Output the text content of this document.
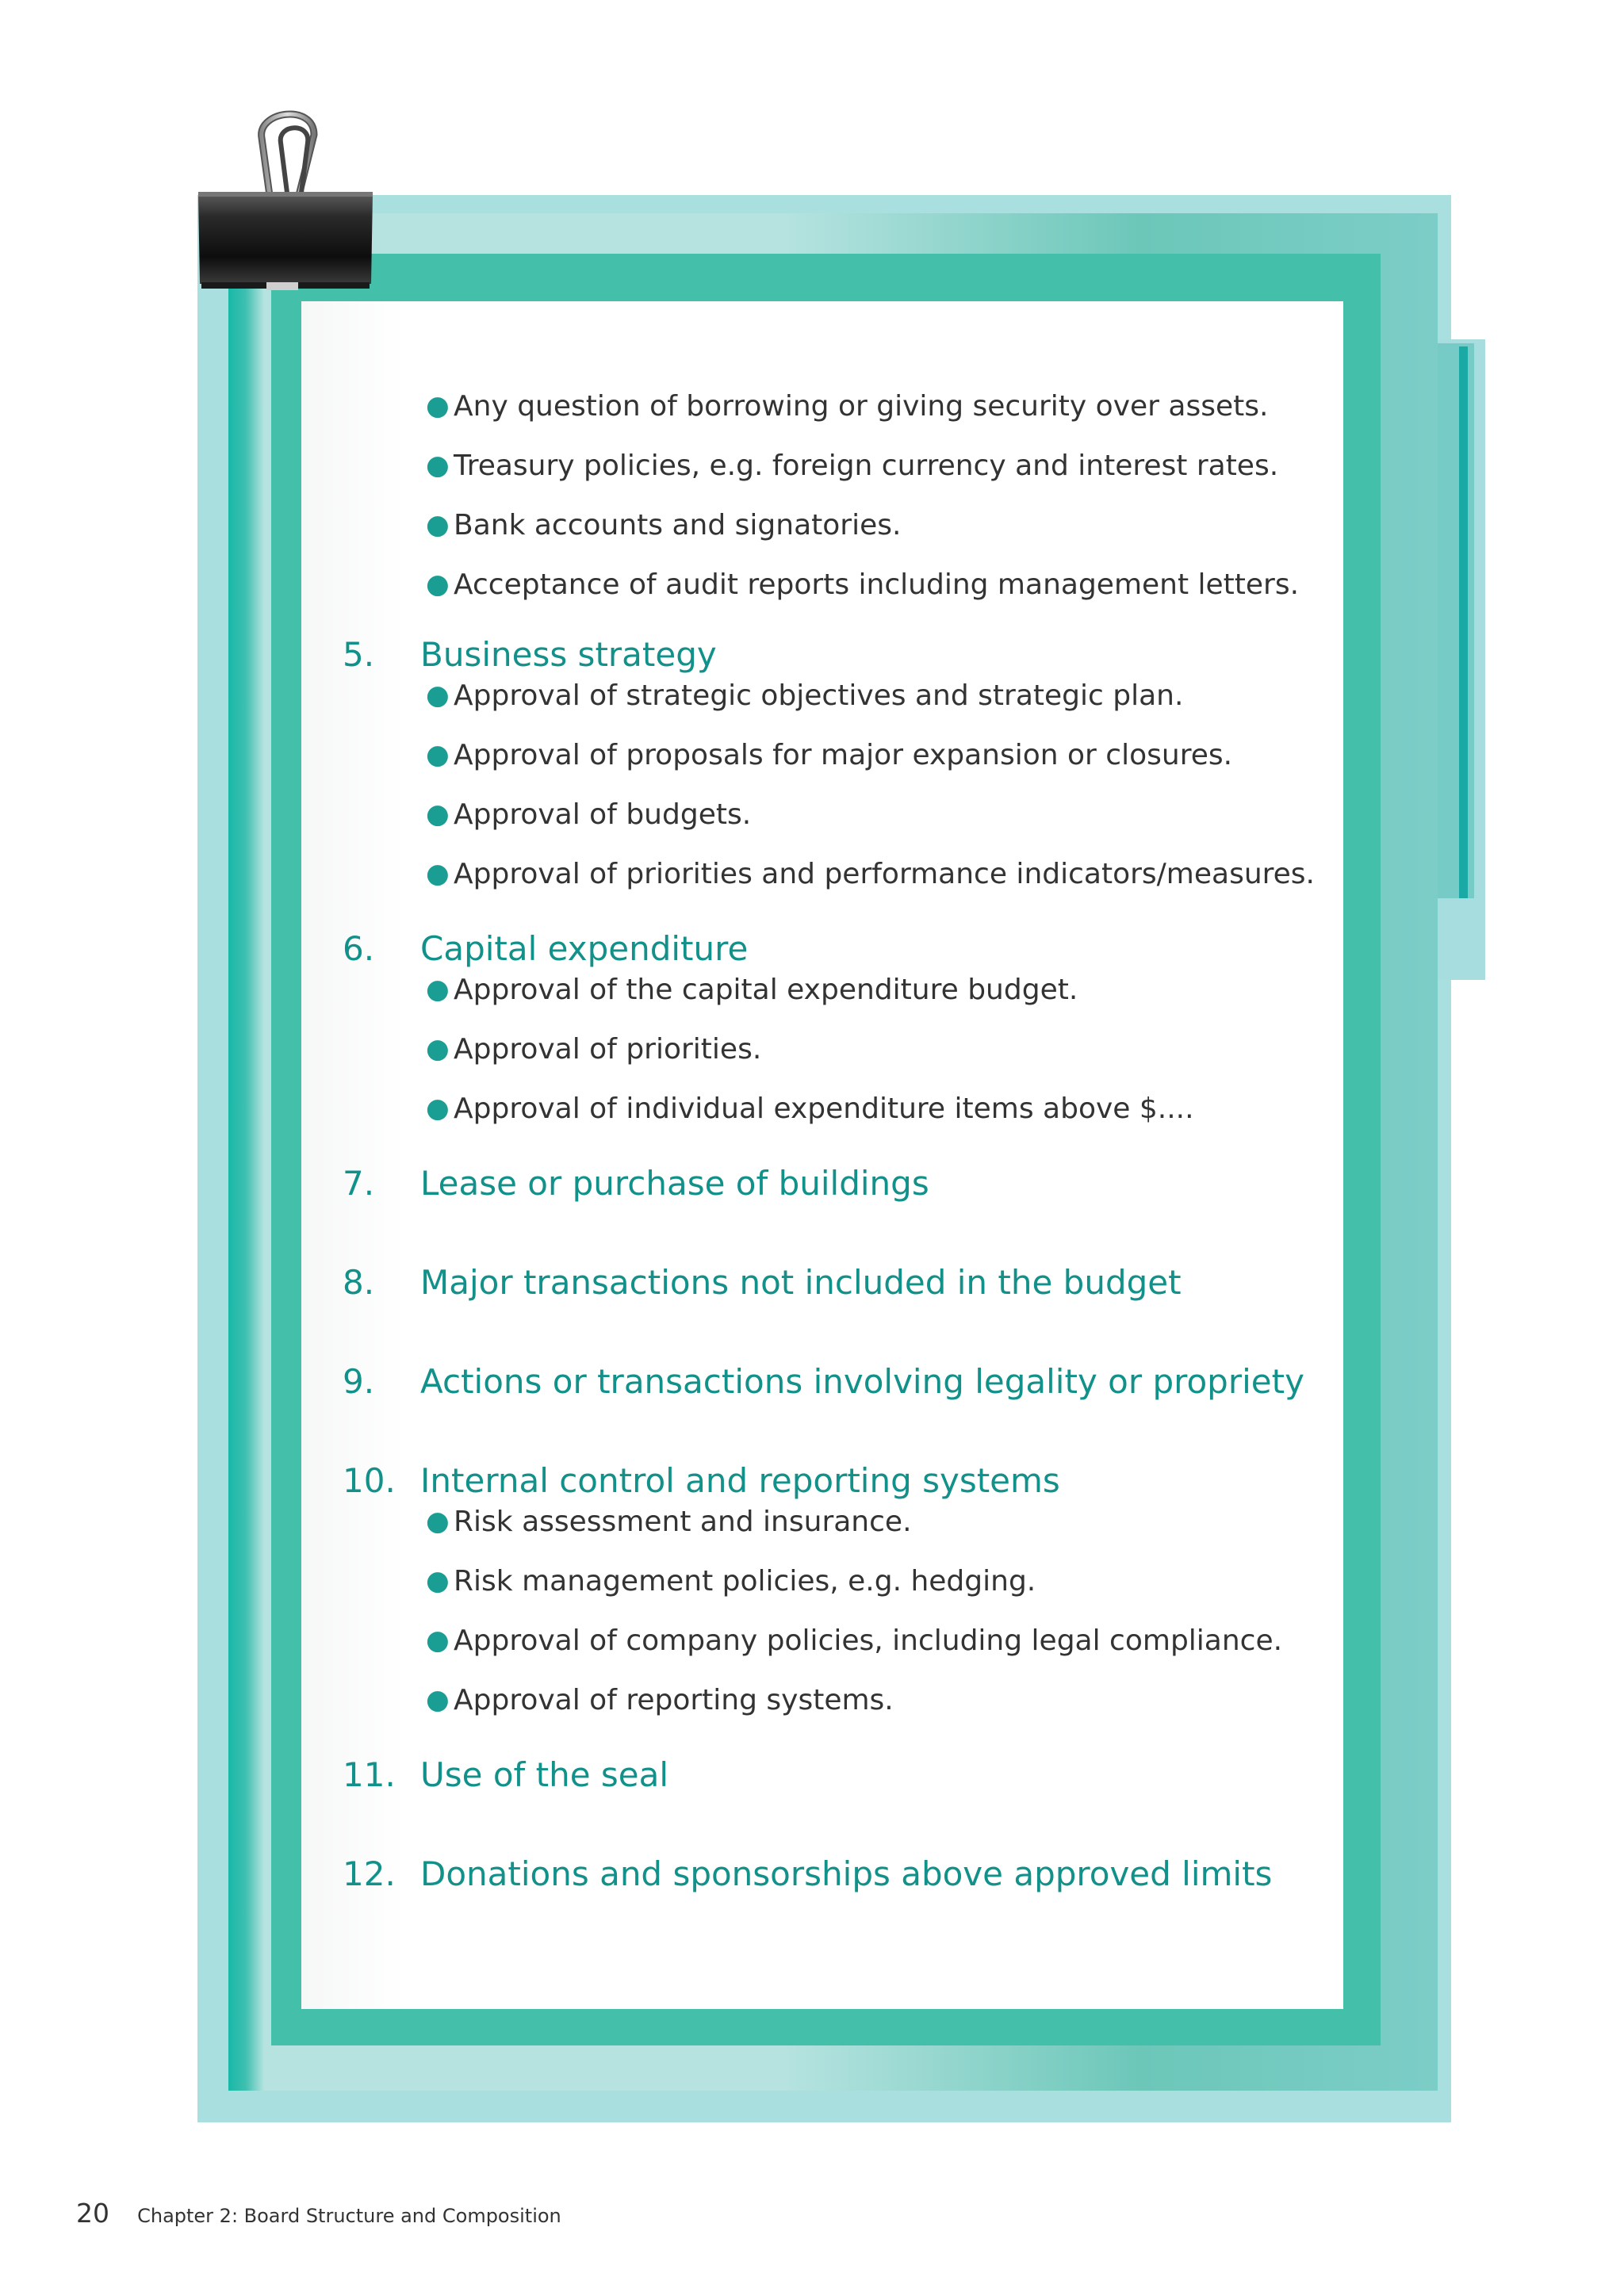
● Any question of borrowing or giving security over assets.
● Treasury policies, e.g. foreign currency and interest rates.
● Bank accounts and signatories.
● Acceptance of audit reports including management letters.
5. Business strategy
● Approval of strategic objectives and strategic plan.
● Approval of proposals for major expansion or closures.
● Approval of budgets.
● Approval of priorities and performance indicators/measures.
6. Capital expenditure
● Approval of the capital expenditure budget.
● Approval of priorities.
● Approval of individual expenditure items above $....
7. Lease or purchase of buildings
8. Major transactions not included in the budget
9. Actions or transactions involving legality or propriety
10. Internal control and reporting systems
● Risk assessment and insurance.
● Risk management policies, e.g. hedging.
● Approval of company policies, including legal compliance.
● Approval of reporting systems.
11. Use of the seal
12. Donations and sponsorships above approved limits
20 Chapter 2: Board Structure and Composition
